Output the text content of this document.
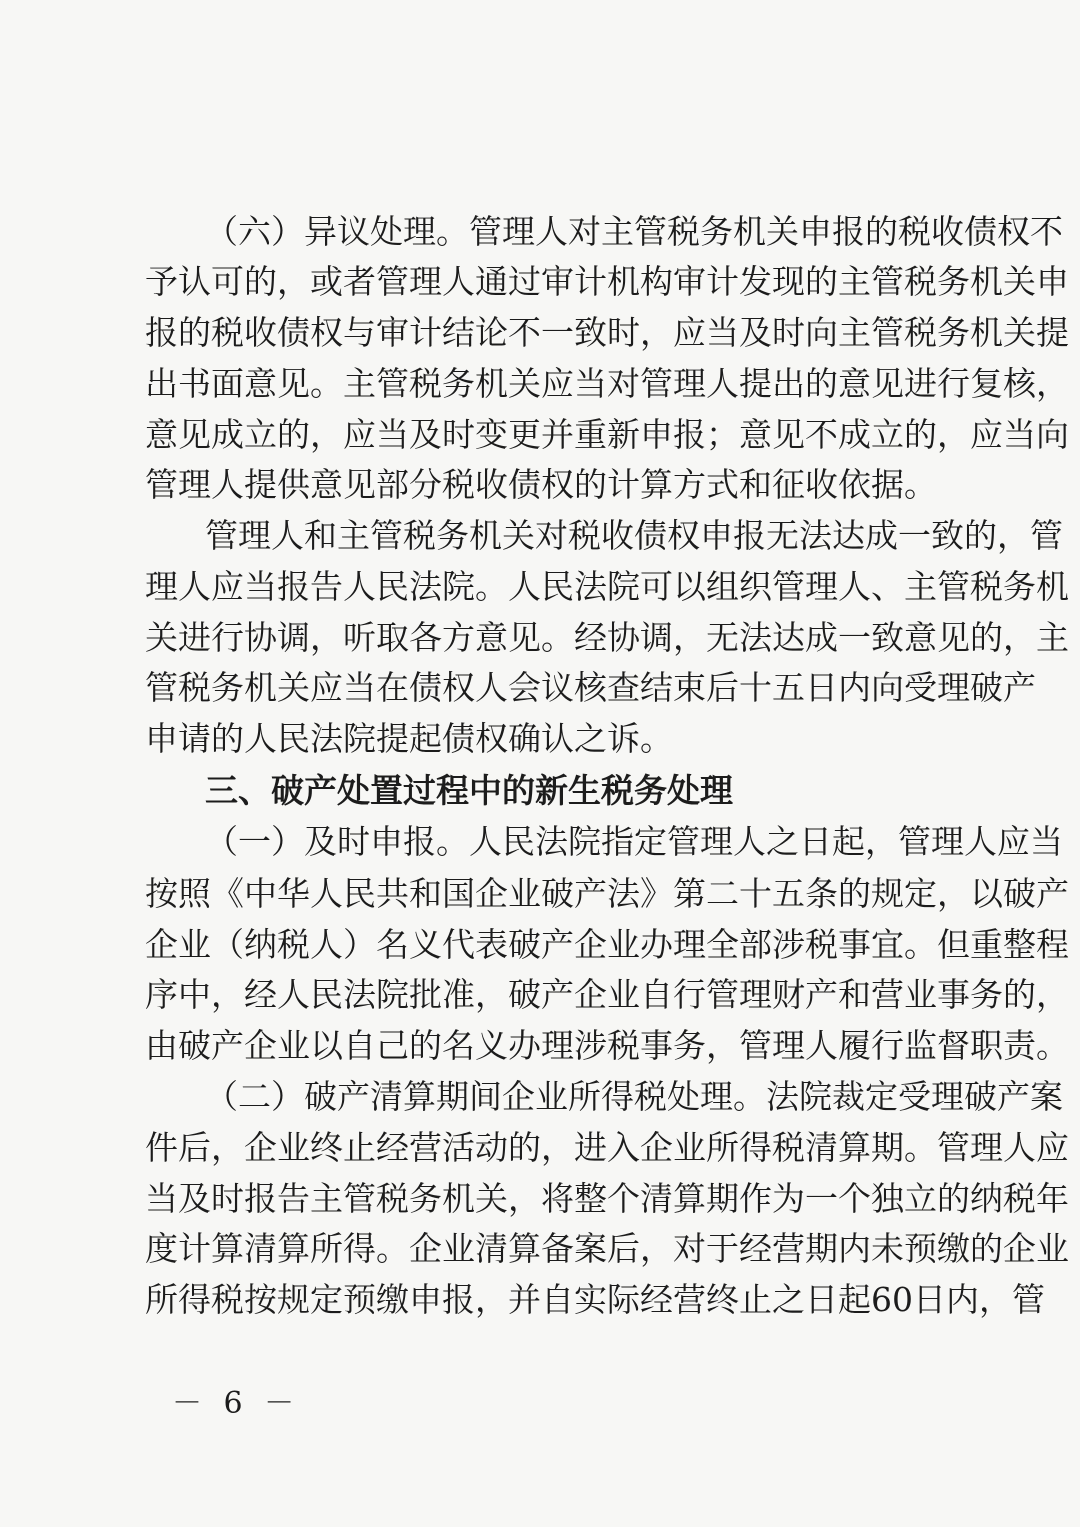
（六）异议处理。管理人对主管税务机关申报的税收债权不
予认可的，或者管理人通过审计机构审计发现的主管税务机关申
报的税收债权与审计结论不一致时，应当及时向主管税务机关提
出书面意见。主管税务机关应当对管理人提出的意见进行复核，
意见成立的，应当及时变更并重新申报；意见不成立的，应当向
管理人提供意见部分税收债权的计算方式和征收依据。
管理人和主管税务机关对税收债权申报无法达成一致的，管
理人应当报告人民法院。人民法院可以组织管理人、主管税务机
关进行协调，听取各方意见。经协调，无法达成一致意见的，主
管税务机关应当在债权人会议核查结束后十五日内向受理破产
申请的人民法院提起债权确认之诉。
三、破产处置过程中的新生税务处理
（一）及时申报。人民法院指定管理人之日起，管理人应当
按照《中华人民共和国企业破产法》第二十五条的规定，以破产
企业（纳税人）名义代表破产企业办理全部涉税事宜。但重整程
序中，经人民法院批准，破产企业自行管理财产和营业事务的，
由破产企业以自己的名义办理涉税事务，管理人履行监督职责。
（二）破产清算期间企业所得税处理。法院裁定受理破产案
件后，企业终止经营活动的，进入企业所得税清算期。管理人应
当及时报告主管税务机关，将整个清算期作为一个独立的纳税年
度计算清算所得。企业清算备案后，对于经营期内未预缴的企业
所得税按规定预缴申报，并自实际经营终止之日起60日内，管
－ 6 －
